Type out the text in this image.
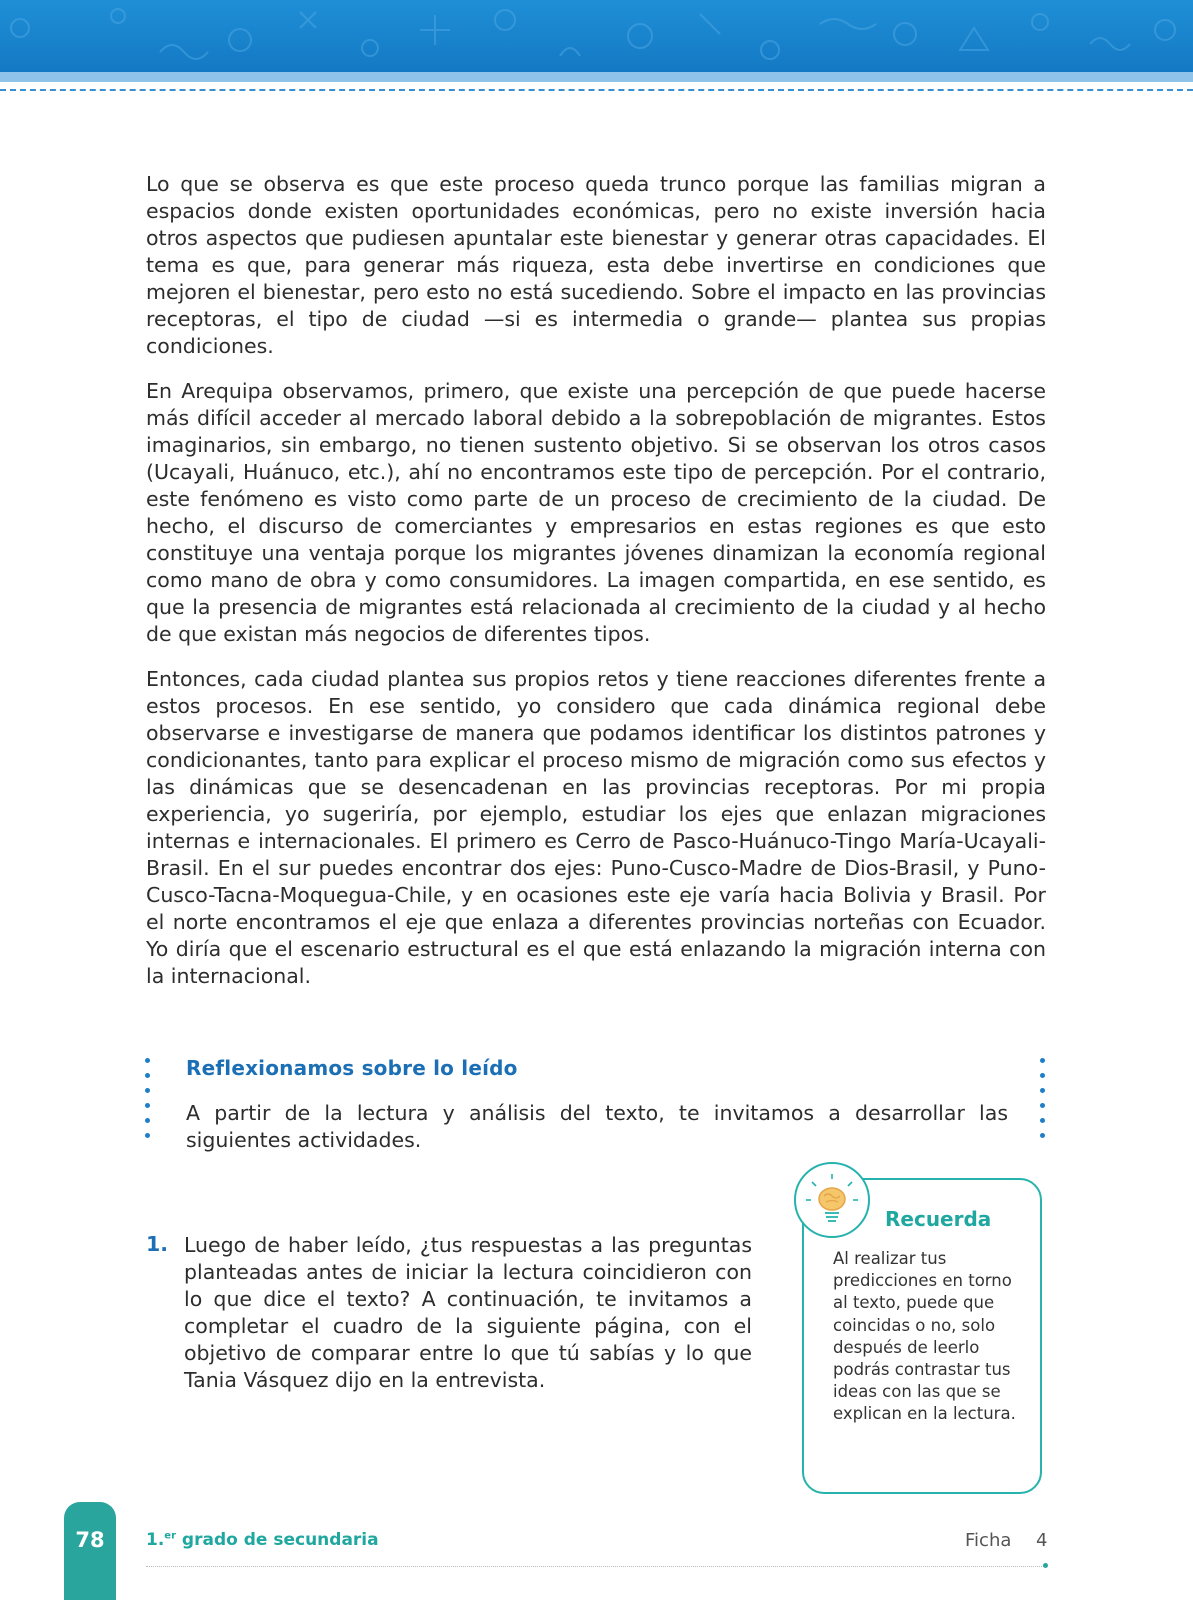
Lo que se observa es que este proceso queda trunco porque las familias migran a espacios donde existen oportunidades económicas, pero no existe inversión hacia otros aspectos que pudiesen apuntalar este bienestar y generar otras capacidades. El tema es que, para generar más riqueza, esta debe invertirse en condiciones que mejoren el bienestar, pero esto no está sucediendo. Sobre el impacto en las provincias receptoras, el tipo de ciudad —si es intermedia o grande— plantea sus propias condiciones.

En Arequipa observamos, primero, que existe una percepción de que puede hacerse más difícil acceder al mercado laboral debido a la sobrepoblación de migrantes. Estos imaginarios, sin embargo, no tienen sustento objetivo. Si se observan los otros casos (Ucayali, Huánuco, etc.), ahí no encontramos este tipo de percepción. Por el contrario, este fenómeno es visto como parte de un proceso de crecimiento de la ciudad. De hecho, el discurso de comerciantes y empresarios en estas regiones es que esto constituye una ventaja porque los migrantes jóvenes dinamizan la economía regional como mano de obra y como consumidores. La imagen compartida, en ese sentido, es que la presencia de migrantes está relacionada al crecimiento de la ciudad y al hecho de que existan más negocios de diferentes tipos.

Entonces, cada ciudad plantea sus propios retos y tiene reacciones diferentes frente a estos procesos. En ese sentido, yo considero que cada dinámica regional debe observarse e investigarse de manera que podamos identificar los distintos patrones y condicionantes, tanto para explicar el proceso mismo de migración como sus efectos y las dinámicas que se desencadenan en las provincias receptoras. Por mi propia experiencia, yo sugeriría, por ejemplo, estudiar los ejes que enlazan migraciones internas e internacionales. El primero es Cerro de Pasco-Huánuco-Tingo María-Ucayali-Brasil. En el sur puedes encontrar dos ejes: Puno-Cusco-Madre de Dios-Brasil, y Puno-Cusco-Tacna-Moquegua-Chile, y en ocasiones este eje varía hacia Bolivia y Brasil. Por el norte encontramos el eje que enlaza a diferentes provincias norteñas con Ecuador. Yo diría que el escenario estructural es el que está enlazando la migración interna con la internacional.

Reflexionamos sobre lo leído

A partir de la lectura y análisis del texto, te invitamos a desarrollar las siguientes actividades.

1. Luego de haber leído, ¿tus respuestas a las preguntas planteadas antes de iniciar la lectura coincidieron con lo que dice el texto? A continuación, te invitamos a completar el cuadro de la siguiente página, con el objetivo de comparar entre lo que tú sabías y lo que Tania Vásquez dijo en la entrevista.

Recuerda

Al realizar tus predicciones en torno al texto, puede que coincidas o no, solo después de leerlo podrás contrastar tus ideas con las que se explican en la lectura.

78	1.$^{er}$ grado de secundaria	Ficha 4
